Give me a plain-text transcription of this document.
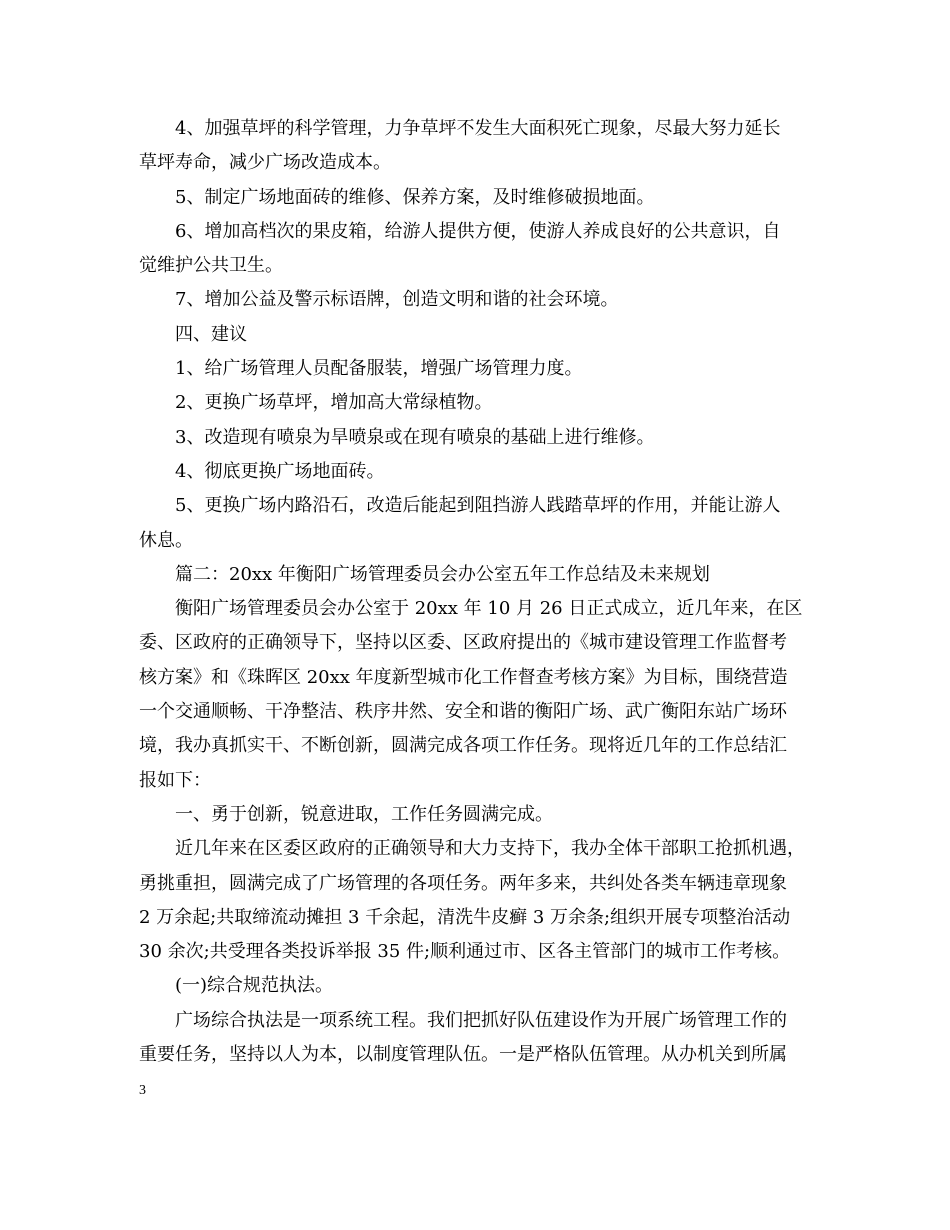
4、加强草坪的科学管理，力争草坪不发生大面积死亡现象，尽最大努力延长
草坪寿命，减少广场改造成本。

5、制定广场地面砖的维修、保养方案，及时维修破损地面。

6、增加高档次的果皮箱，给游人提供方便，使游人养成良好的公共意识，自
觉维护公共卫生。

7、增加公益及警示标语牌，创造文明和谐的社会环境。

四、建议

1、给广场管理人员配备服装，增强广场管理力度。

2、更换广场草坪，增加高大常绿植物。

3、改造现有喷泉为旱喷泉或在现有喷泉的基础上进行维修。

4、彻底更换广场地面砖。

5、更换广场内路沿石，改造后能起到阻挡游人践踏草坪的作用，并能让游人
休息。

篇二：20xx 年衡阳广场管理委员会办公室五年工作总结及未来规划

衡阳广场管理委员会办公室于 20xx 年 10 月 26 日正式成立，近几年来，在区
委、区政府的正确领导下，坚持以区委、区政府提出的《城市建设管理工作监督考
核方案》和《珠晖区 20xx 年度新型城市化工作督查考核方案》为目标，围绕营造
一个交通顺畅、干净整洁、秩序井然、安全和谐的衡阳广场、武广衡阳东站广场环
境，我办真抓实干、不断创新，圆满完成各项工作任务。现将近几年的工作总结汇
报如下：

一、勇于创新，锐意进取，工作任务圆满完成。

近几年来在区委区政府的正确领导和大力支持下，我办全体干部职工抢抓机遇，
勇挑重担，圆满完成了广场管理的各项任务。两年多来，共纠处各类车辆违章现象
2 万余起;共取缔流动摊担 3 千余起，清洗牛皮癣 3 万余条;组织开展专项整治活动
30 余次;共受理各类投诉举报 35 件;顺利通过市、区各主管部门的城市工作考核。

(一)综合规范执法。

广场综合执法是一项系统工程。我们把抓好队伍建设作为开展广场管理工作的
重要任务，坚持以人为本，以制度管理队伍。一是严格队伍管理。从办机关到所属

3
